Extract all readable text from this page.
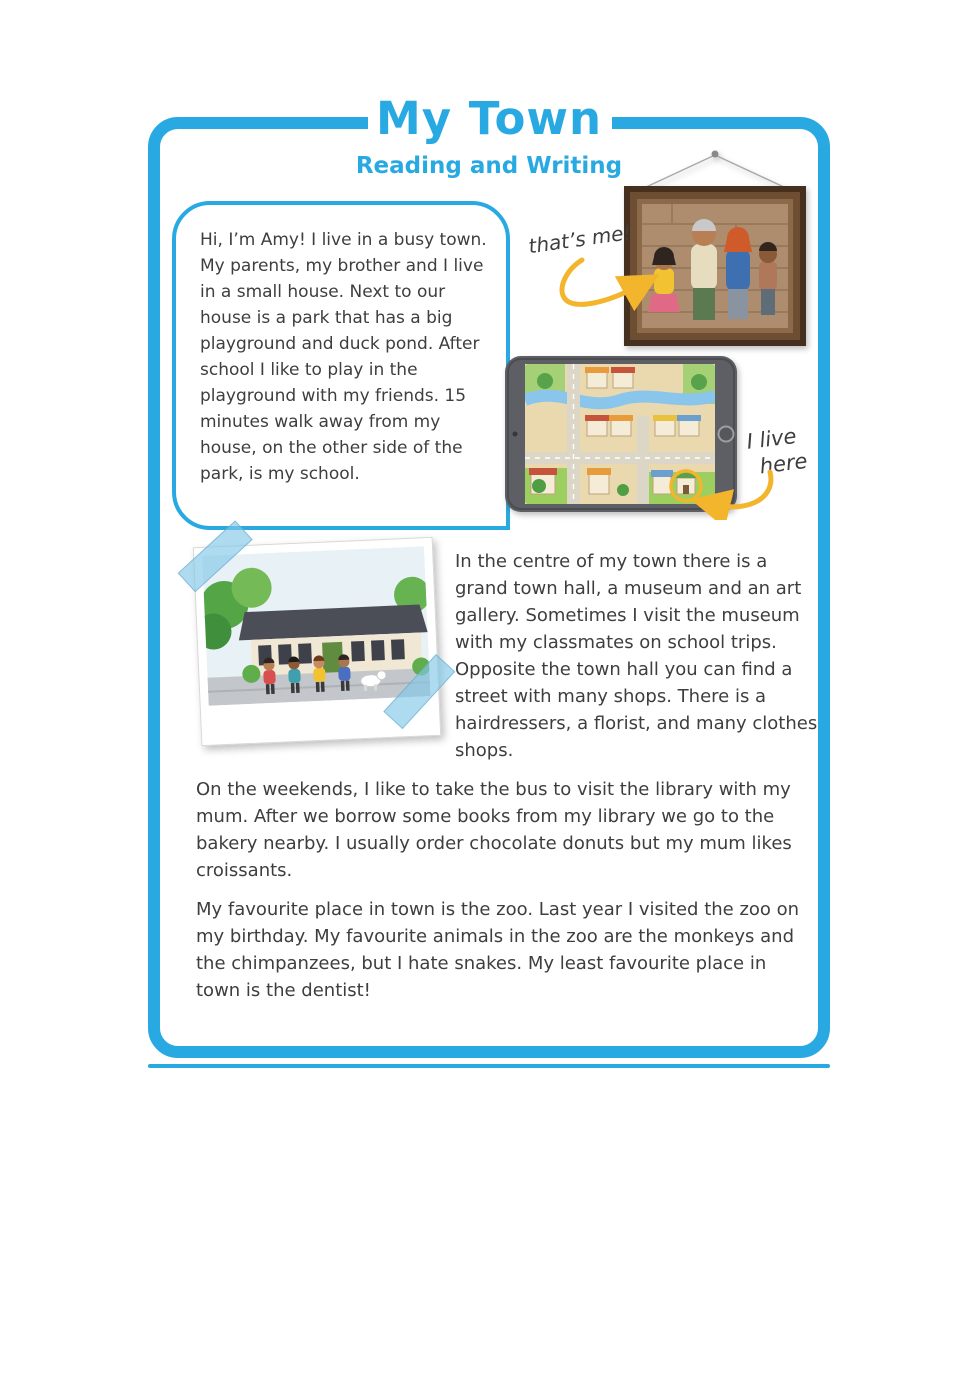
My Town
Reading and Writing

Hi, I’m Amy! I live in a busy town. My parents, my brother and I live in a small house. Next to our house is a park that has a big playground and duck pond. After school I like to play in the playground with my friends. 15 minutes walk away from my house, on the other side of the park, is my school.

that’s me!
I live
here

In the centre of my town there is a grand town hall, a museum and an art gallery. Sometimes I visit the museum with my classmates on school trips. Opposite the town hall you can find a street with many shops. There is a hairdressers, a florist, and many clothes shops.

On the weekends, I like to take the bus to visit the library with my mum. After we borrow some books from my library we go to the bakery nearby. I usually order chocolate donuts but my mum likes croissants.

My favourite place in town is the zoo. Last year I visited the zoo on my birthday. My favourite animals in the zoo are the monkeys and the chimpanzees, but I hate snakes. My least favourite place in town is the dentist!
